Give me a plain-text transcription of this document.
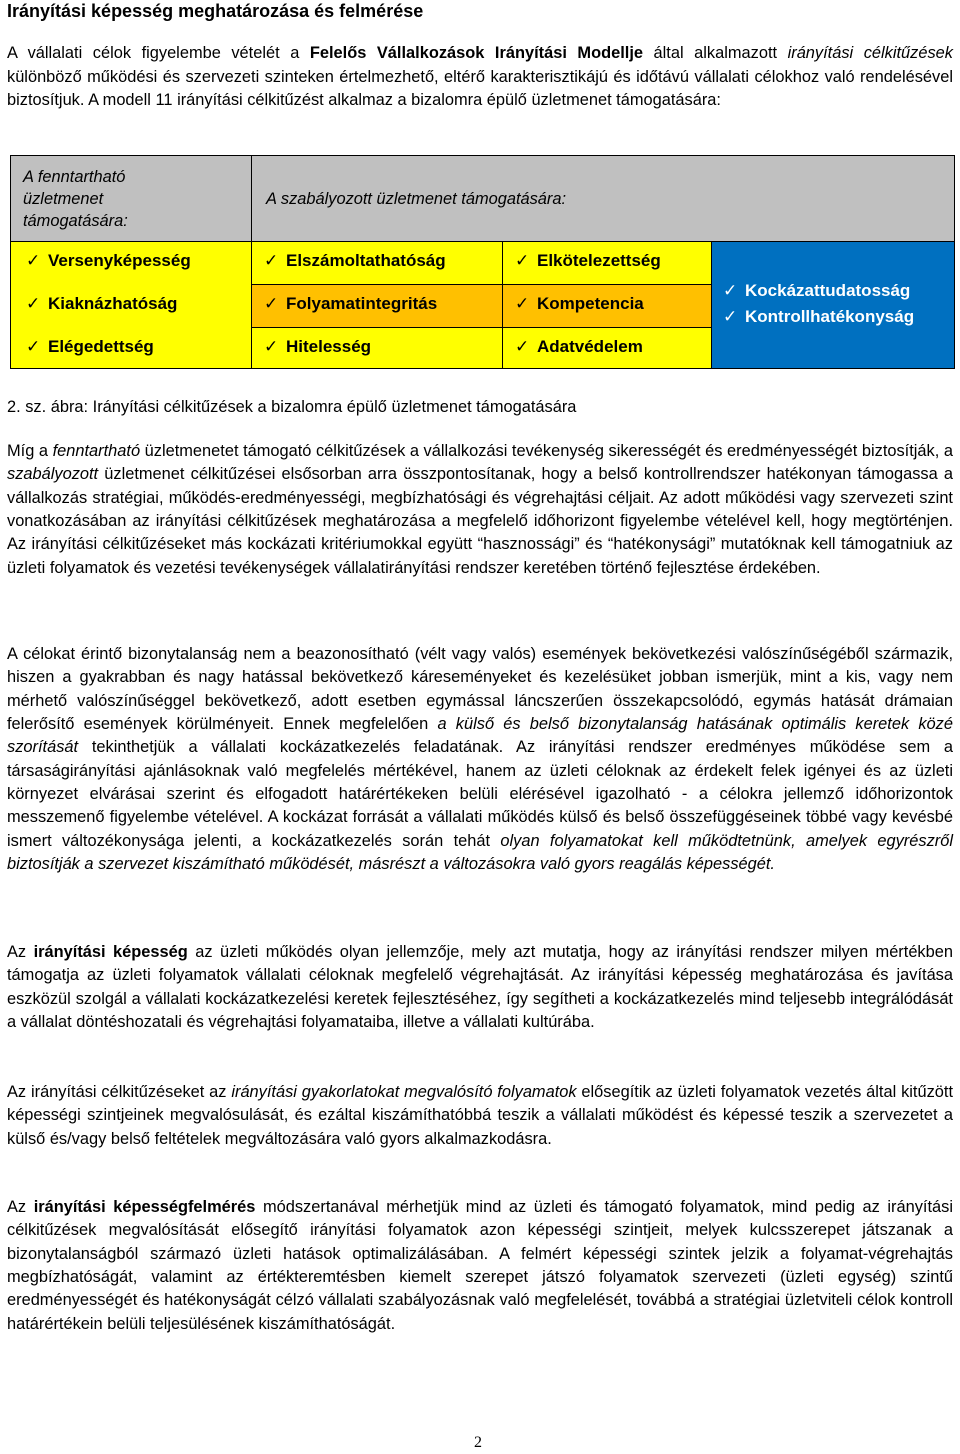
Irányítási képesség meghatározása és felmérése

A vállalati célok figyelembe vételét a Felelős Vállalkozások Irányítási Modellje által alkalmazott irányítási célkitűzések különböző működési és szervezeti szinteken értelmezhető, eltérő karakterisztikájú és időtávú vállalati célokhoz való rendelésével biztosítjuk. A modell 11 irányítási célkitűzést alkalmaz a bizalomra épülő üzletmenet támogatására:

A fenntartható üzletmenet támogatására:
A szabályozott üzletmenet támogatására:
✓ Versenyképesség	✓ Elszámoltathatóság	✓ Elkötelezettség
✓ Kiaknázhatóság	✓ Folyamatintegritás	✓ Kompetencia
✓ Elégedettség	✓ Hitelesség	✓ Adatvédelem
✓ Kockázattudatosság
✓ Kontrollhatékonyság

2. sz. ábra: Irányítási célkitűzések a bizalomra épülő üzletmenet támogatására

Míg a fenntartható üzletmenetet támogató célkitűzések a vállalkozási tevékenység sikerességét és eredményességét biztosítják, a szabályozott üzletmenet célkitűzései elsősorban arra összpontosítanak, hogy a belső kontrollrendszer hatékonyan támogassa a vállalkozás stratégiai, működés-eredményességi, megbízhatósági és végrehajtási céljait. Az adott működési vagy szervezeti szint vonatkozásában az irányítási célkitűzések meghatározása a megfelelő időhorizont figyelembe vételével kell, hogy megtörténjen. Az irányítási célkitűzéseket más kockázati kritériumokkal együtt “hasznossági” és “hatékonysági” mutatóknak kell támogatniuk az üzleti folyamatok és vezetési tevékenységek vállalatirányítási rendszer keretében történő fejlesztése érdekében.

A célokat érintő bizonytalanság nem a beazonosítható (vélt vagy valós) események bekövetkezési valószínűségéből származik, hiszen a gyakrabban és nagy hatással bekövetkező káreseményeket és kezelésüket jobban ismerjük, mint a kis, vagy nem mérhető valószínűséggel bekövetkező, adott esetben egymással láncszerűen összekapcsolódó, egymás hatását drámaian felerősítő események körülményeit. Ennek megfelelően a külső és belső bizonytalanság hatásának optimális keretek közé szorítását tekinthetjük a vállalati kockázatkezelés feladatának. Az irányítási rendszer eredményes működése sem a társaságirányítási ajánlásoknak való megfelelés mértékével, hanem az üzleti céloknak az érdekelt felek igényei és az üzleti környezet elvárásai szerint és elfogadott határértékeken belüli elérésével igazolható - a célokra jellemző időhorizontok messzemenő figyelembe vételével. A kockázat forrását a vállalati működés külső és belső összefüggéseinek többé vagy kevésbé ismert változékonysága jelenti, a kockázatkezelés során tehát olyan folyamatokat kell működtetnünk, amelyek egyrészről biztosítják a szervezet kiszámítható működését, másrészt a változásokra való gyors reagálás képességét.

Az irányítási képesség az üzleti működés olyan jellemzője, mely azt mutatja, hogy az irányítási rendszer milyen mértékben támogatja az üzleti folyamatok vállalati céloknak megfelelő végrehajtását. Az irányítási képesség meghatározása és javítása eszközül szolgál a vállalati kockázatkezelési keretek fejlesztéséhez, így segítheti a kockázatkezelés mind teljesebb integrálódását a vállalat döntéshozatali és végrehajtási folyamataiba, illetve a vállalati kultúrába.

Az irányítási célkitűzéseket az irányítási gyakorlatokat megvalósító folyamatok elősegítik az üzleti folyamatok vezetés által kitűzött képességi szintjeinek megvalósulását, és ezáltal kiszámíthatóbbá teszik a vállalati működést és képessé teszik a szervezetet a külső és/vagy belső feltételek megváltozására való gyors alkalmazkodásra.

Az irányítási képességfelmérés módszertanával mérhetjük mind az üzleti és támogató folyamatok, mind pedig az irányítási célkitűzések megvalósítását elősegítő irányítási folyamatok azon képességi szintjeit, melyek kulcsszerepet játszanak a bizonytalanságból származó üzleti hatások optimalizálásában. A felmért képességi szintek jelzik a folyamat-végrehajtás megbízhatóságát, valamint az értékteremtésben kiemelt szerepet játszó folyamatok szervezeti (üzleti egység) szintű eredményességét és hatékonyságát célzó vállalati szabályozásnak való megfelelését, továbbá a stratégiai üzletviteli célok kontroll határértékein belüli teljesülésének kiszámíthatóságát.

2
